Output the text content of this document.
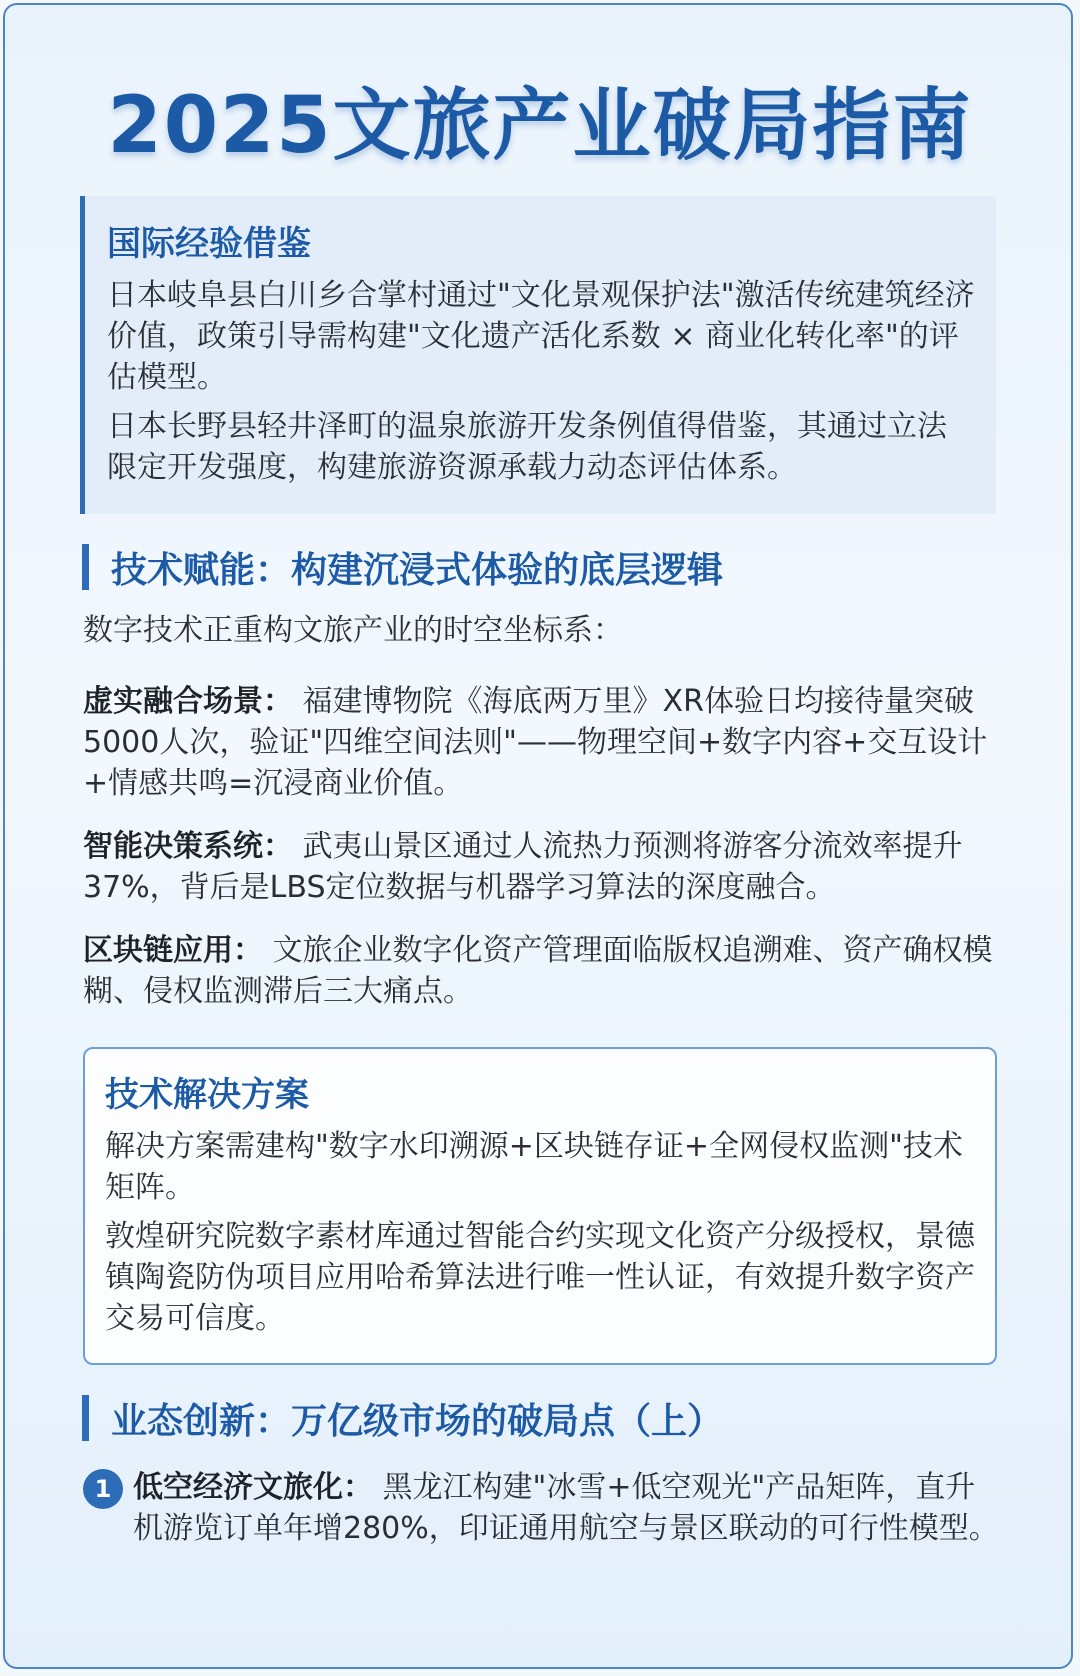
2025文旅产业破局指南
国际经验借鉴
日本岐阜县白川乡合掌村通过"文化景观保护法"激活传统建筑经济价值，政策引导需构建"文化遗产活化系数 × 商业化转化率"的评估模型。
日本长野县轻井泽町的温泉旅游开发条例值得借鉴，其通过立法限定开发强度，构建旅游资源承载力动态评估体系。
技术赋能：构建沉浸式体验的底层逻辑
数字技术正重构文旅产业的时空坐标系：
虚实融合场景： 福建博物院《海底两万里》XR体验日均接待量突破5000人次，验证"四维空间法则"——物理空间+数字内容+交互设计+情感共鸣=沉浸商业价值。
智能决策系统： 武夷山景区通过人流热力预测将游客分流效率提升37%，背后是LBS定位数据与机器学习算法的深度融合。
区块链应用： 文旅企业数字化资产管理面临版权追溯难、资产确权模糊、侵权监测滞后三大痛点。
技术解决方案
解决方案需建构"数字水印溯源+区块链存证+全网侵权监测"技术矩阵。
敦煌研究院数字素材库通过智能合约实现文化资产分级授权，景德镇陶瓷防伪项目应用哈希算法进行唯一性认证，有效提升数字资产交易可信度。
业态创新：万亿级市场的破局点（上）
1 低空经济文旅化： 黑龙江构建"冰雪+低空观光"产品矩阵，直升机游览订单年增280%，印证通用航空与景区联动的可行性模型。
